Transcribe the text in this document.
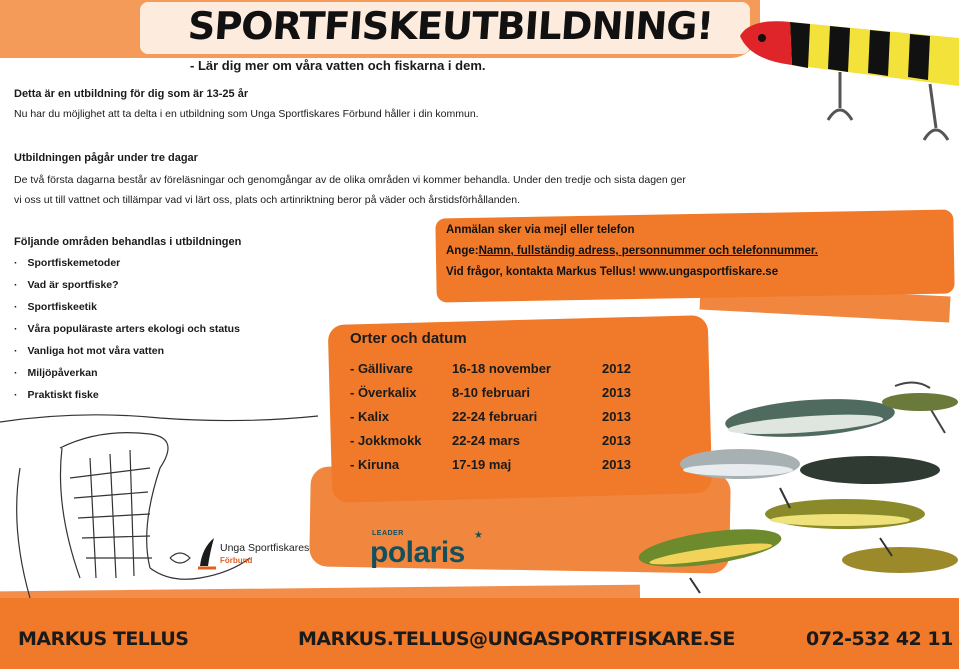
SPORTFISKEUTBILDNING!
- Lär dig mer om våra vatten och fiskarna i dem.
Detta är en utbildning för dig som är 13-25 år
Nu har du möjlighet att ta delta i en utbildning som Unga Sportfiskares Förbund håller i din kommun.
Utbildningen pågår under tre dagar
De två första dagarna består av föreläsningar och genomgångar av de olika områden vi kommer behandla. Under den tredje och sista dagen ger
vi oss ut till vattnet och tillämpar vad vi lärt oss, plats och artinriktning beror på väder och årstidsförhållanden.
Följande områden behandlas i utbildningen
· Sportfiskemetoder
· Vad är sportfiske?
· Sportfiskeetik
· Våra populäraste arters ekologi och status
· Vanliga hot mot våra vatten
· Miljöpåverkan
· Praktiskt fiske
Anmälan sker via mejl eller telefon
Ange:Namn, fullständig adress, personnummer och telefonnummer.
Vid frågor, kontakta Markus Tellus! www.ungasportfiskare.se
Orter och datum
- Gällivare	16-18 november	2012
- Överkalix	8-10 februari	2013
- Kalix	22-24 februari	2013
- Jokkmokk	22-24 mars	2013
- Kiruna	17-19 maj	2013
Unga Sportfiskares
Förbund
LEADER
polaris
★
MARKUS TELLUS	MARKUS.TELLUS@UNGASPORTFISKARE.SE	072-532 42 11
